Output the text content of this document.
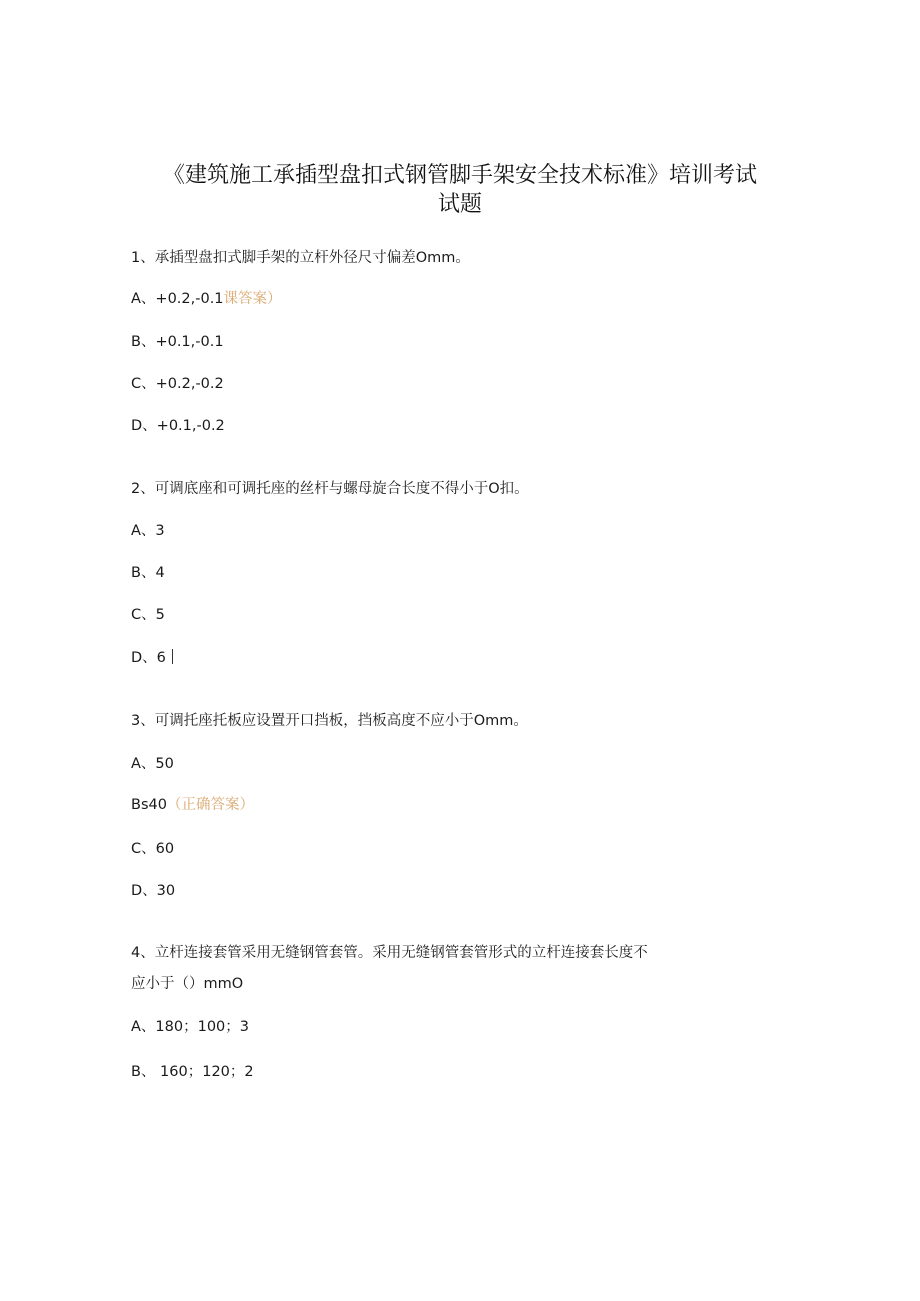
《建筑施工承插型盘扣式钢管脚手架安全技术标准》培训考试
试题
1、承插型盘扣式脚手架的立杆外径尺寸偏差Omm。
A、+0.2,-0.1课答案）
B、+0.1,-0.1
C、+0.2,-0.2
D、+0.1,-0.2
2、可调底座和可调托座的丝杆与螺母旋合长度不得小于O扣。
A、3
B、4
C、5
D、6
3、可调托座托板应设置开口挡板，挡板高度不应小于Omm。
A、50
Bs40（正确答案）
C、60
D、30
4、立杆连接套管采用无缝钢管套管。采用无缝钢管套管形式的立杆连接套长度不
应小于（）mmO
A、180；100；3
B、 160；120；2
